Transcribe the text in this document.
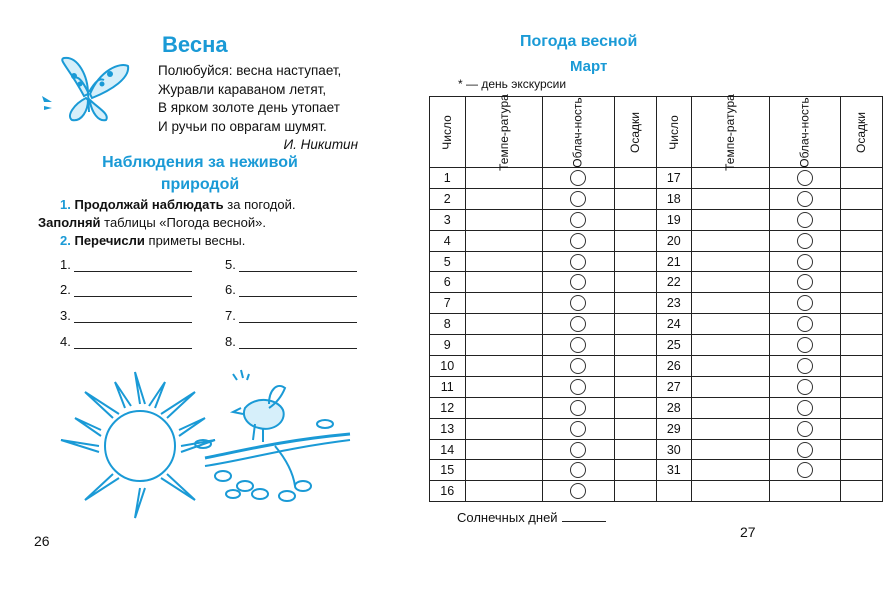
Весна
Полюбуйся: весна наступает,
Журавли караваном летят,
В ярком золоте день утопает
И ручьи по оврагам шумят.
И. Никитин
Наблюдения за неживой
природой
1. Продолжай наблюдать за погодой.
Заполняй таблицы «Погода весной».
2. Перечисли приметы весны.
1.
2.
3.
4.
5.
6.
7.
8.
26
Погода весной
Март
* — день экскурсии
Число	Темпе-ратура	Облач-ность	Осадки	Число	Темпе-ратура	Облач-ность	Осадки
1				17			
2				18			
3				19			
4				20			
5				21			
6				22			
7				23			
8				24			
9				25			
10				26			
11				27			
12				28			
13				29			
14				30			
15				31			
16							
Солнечных дней
27
